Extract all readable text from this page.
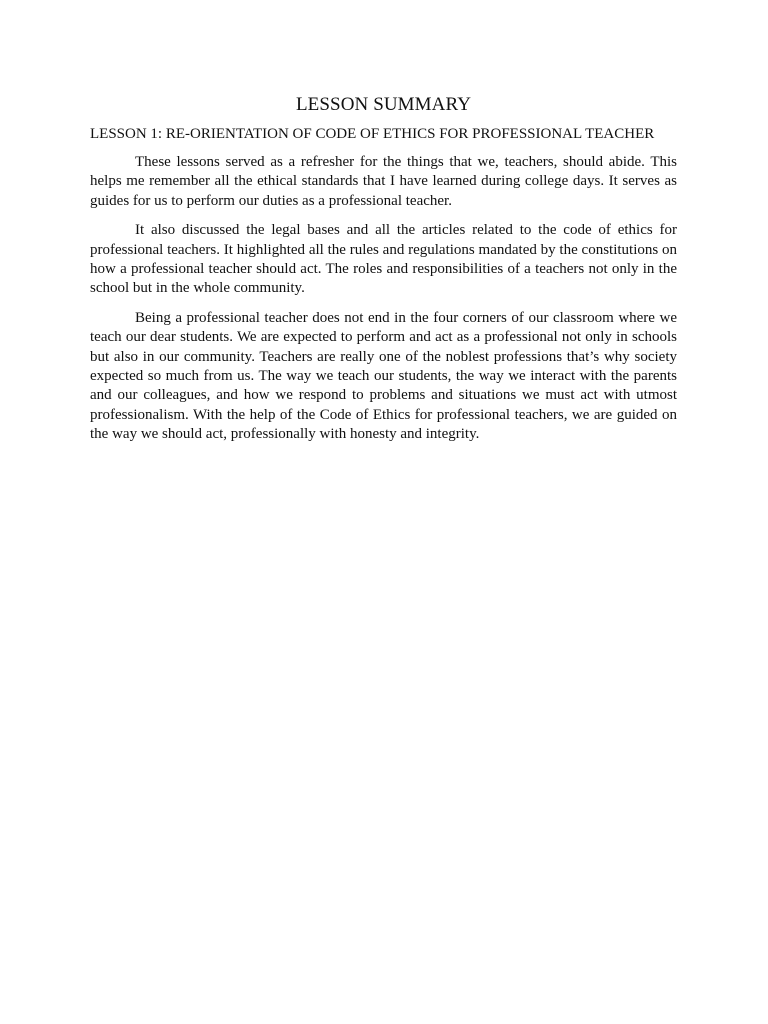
LESSON SUMMARY
LESSON 1: RE-ORIENTATION OF CODE OF ETHICS FOR PROFESSIONAL TEACHER

These lessons served as a refresher for the things that we, teachers, should abide. This helps me remember all the ethical standards that I have learned during college days. It serves as guides for us to perform our duties as a professional teacher.

It also discussed the legal bases and all the articles related to the code of ethics for professional teachers. It highlighted all the rules and regulations mandated by the constitutions on how a professional teacher should act. The roles and responsibilities of a teachers not only in the school but in the whole community.

Being a professional teacher does not end in the four corners of our classroom where we teach our dear students. We are expected to perform and act as a professional not only in schools but also in our community. Teachers are really one of the noblest professions that’s why society expected so much from us. The way we teach our students, the way we interact with the parents and our colleagues, and how we respond to problems and situations we must act with utmost professionalism. With the help of the Code of Ethics for professional teachers, we are guided on the way we should act, professionally with honesty and integrity.
